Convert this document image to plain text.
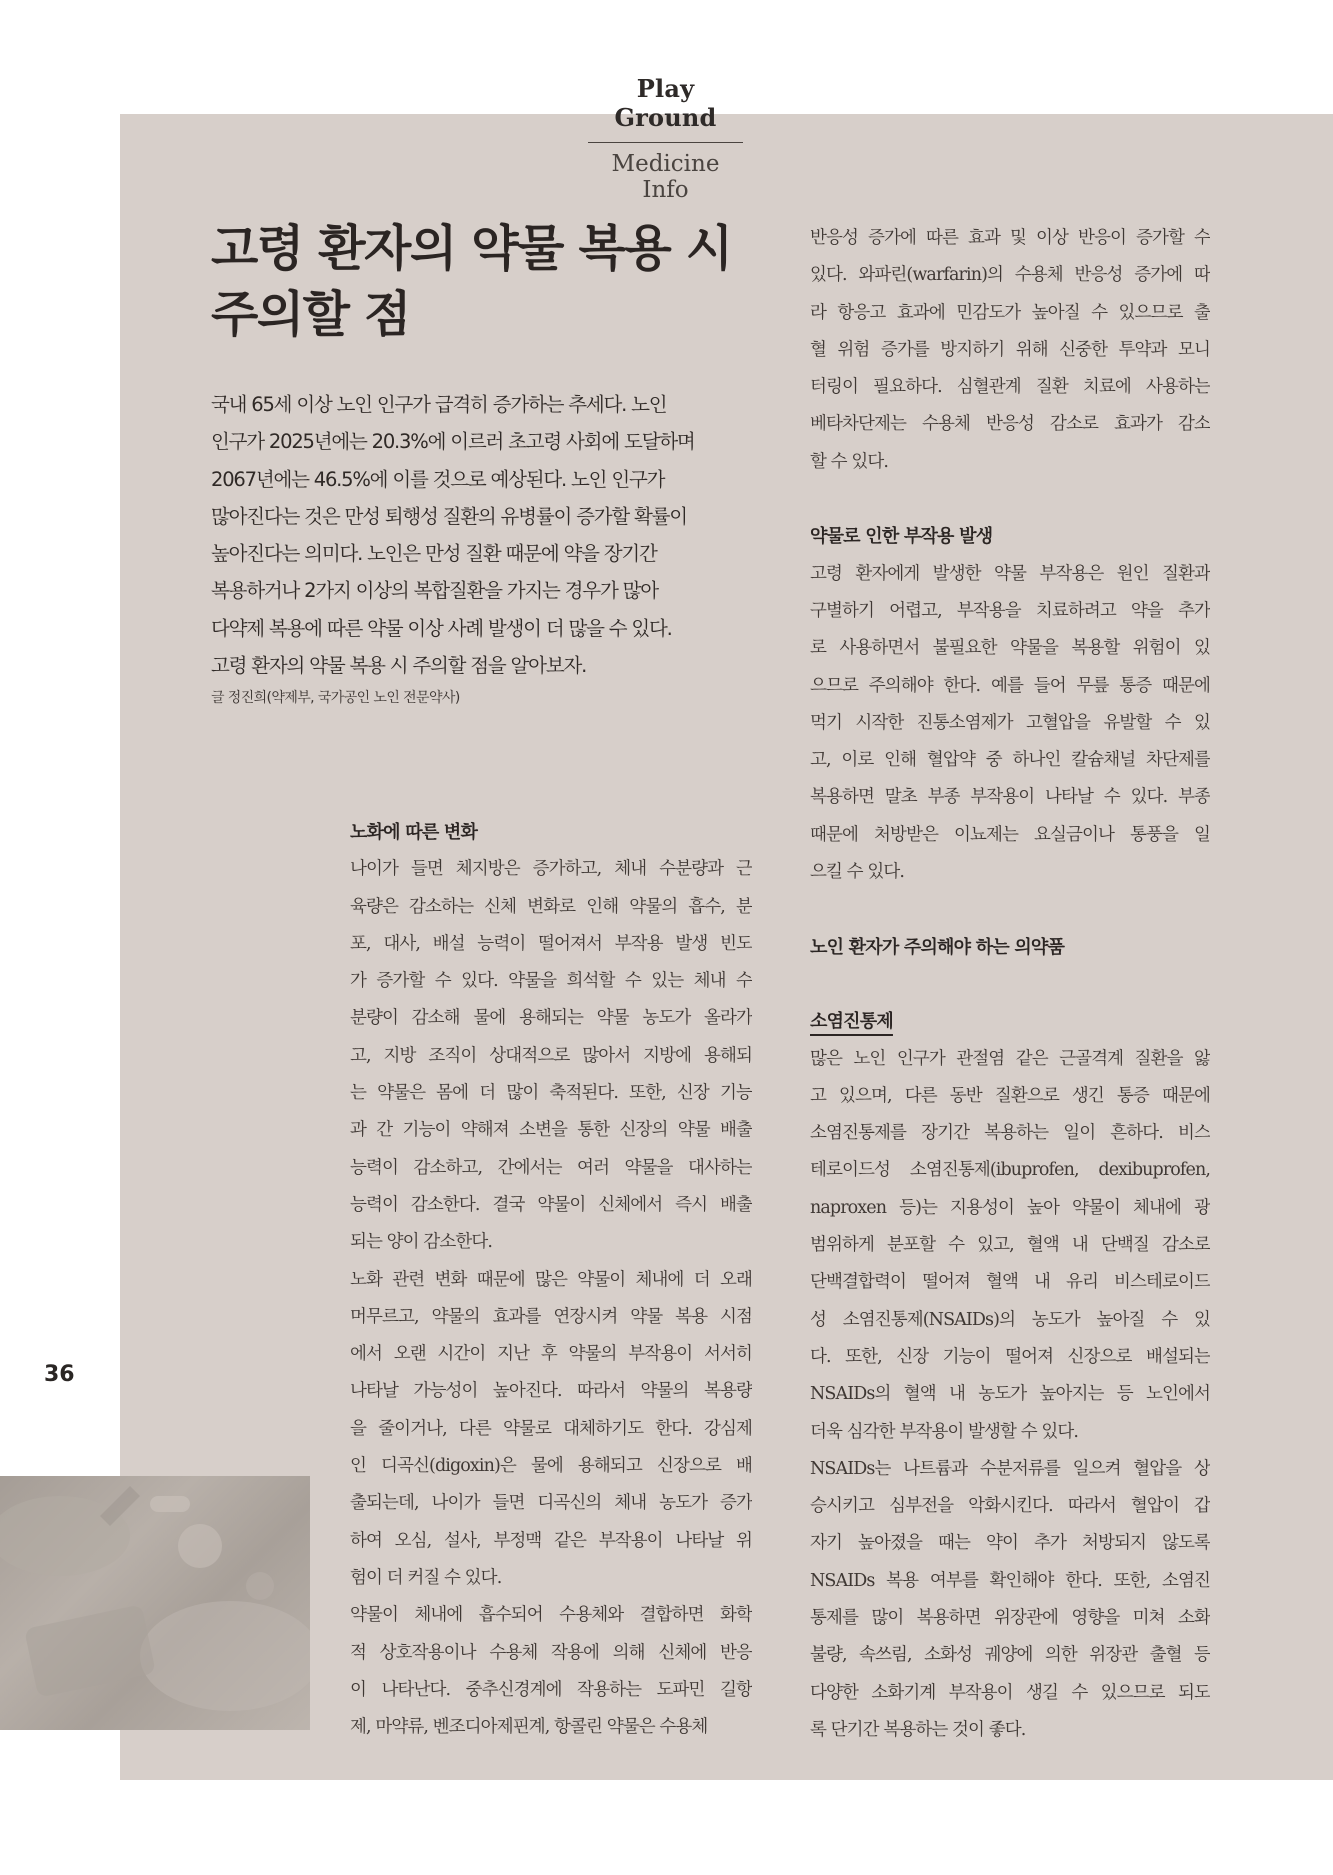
Play Ground
Medicine Info
고령 환자의 약물 복용 시
주의할 점
국내 65세 이상 노인 인구가 급격히 증가하는 추세다. 노인
인구가 2025년에는 20.3%에 이르러 초고령 사회에 도달하며
2067년에는 46.5%에 이를 것으로 예상된다. 노인 인구가
많아진다는 것은 만성 퇴행성 질환의 유병률이 증가할 확률이
높아진다는 의미다. 노인은 만성 질환 때문에 약을 장기간
복용하거나 2가지 이상의 복합질환을 가지는 경우가 많아
다약제 복용에 따른 약물 이상 사례 발생이 더 많을 수 있다.
고령 환자의 약물 복용 시 주의할 점을 알아보자.
글 정진희(약제부, 국가공인 노인 전문약사)
노화에 따른 변화
나이가 들면 체지방은 증가하고, 체내 수분량과 근
육량은 감소하는 신체 변화로 인해 약물의 흡수, 분
포, 대사, 배설 능력이 떨어져서 부작용 발생 빈도
가 증가할 수 있다. 약물을 희석할 수 있는 체내 수
분량이 감소해 물에 용해되는 약물 농도가 올라가
고, 지방 조직이 상대적으로 많아서 지방에 용해되
는 약물은 몸에 더 많이 축적된다. 또한, 신장 기능
과 간 기능이 약해져 소변을 통한 신장의 약물 배출
능력이 감소하고, 간에서는 여러 약물을 대사하는
능력이 감소한다. 결국 약물이 신체에서 즉시 배출
되는 양이 감소한다.
노화 관련 변화 때문에 많은 약물이 체내에 더 오래
머무르고, 약물의 효과를 연장시켜 약물 복용 시점
에서 오랜 시간이 지난 후 약물의 부작용이 서서히
나타날 가능성이 높아진다. 따라서 약물의 복용량
을 줄이거나, 다른 약물로 대체하기도 한다. 강심제
인 디곡신(digoxin)은 물에 용해되고 신장으로 배
출되는데, 나이가 들면 디곡신의 체내 농도가 증가
하여 오심, 설사, 부정맥 같은 부작용이 나타날 위
험이 더 커질 수 있다.
약물이 체내에 흡수되어 수용체와 결합하면 화학
적 상호작용이나 수용체 작용에 의해 신체에 반응
이 나타난다. 중추신경계에 작용하는 도파민 길항
제, 마약류, 벤조디아제핀계, 항콜린 약물은 수용체
반응성 증가에 따른 효과 및 이상 반응이 증가할 수
있다. 와파린(warfarin)의 수용체 반응성 증가에 따
라 항응고 효과에 민감도가 높아질 수 있으므로 출
혈 위험 증가를 방지하기 위해 신중한 투약과 모니
터링이 필요하다. 심혈관계 질환 치료에 사용하는
베타차단제는 수용체 반응성 감소로 효과가 감소
할 수 있다.
약물로 인한 부작용 발생
고령 환자에게 발생한 약물 부작용은 원인 질환과
구별하기 어렵고, 부작용을 치료하려고 약을 추가
로 사용하면서 불필요한 약물을 복용할 위험이 있
으므로 주의해야 한다. 예를 들어 무릎 통증 때문에
먹기 시작한 진통소염제가 고혈압을 유발할 수 있
고, 이로 인해 혈압약 중 하나인 칼슘채널 차단제를
복용하면 말초 부종 부작용이 나타날 수 있다. 부종
때문에 처방받은 이뇨제는 요실금이나 통풍을 일
으킬 수 있다.
노인 환자가 주의해야 하는 의약품
소염진통제
많은 노인 인구가 관절염 같은 근골격계 질환을 앓
고 있으며, 다른 동반 질환으로 생긴 통증 때문에
소염진통제를 장기간 복용하는 일이 흔하다. 비스
테로이드성 소염진통제(ibuprofen, dexibuprofen,
naproxen 등)는 지용성이 높아 약물이 체내에 광
범위하게 분포할 수 있고, 혈액 내 단백질 감소로
단백결합력이 떨어져 혈액 내 유리 비스테로이드
성 소염진통제(NSAIDs)의 농도가 높아질 수 있
다. 또한, 신장 기능이 떨어져 신장으로 배설되는
NSAIDs의 혈액 내 농도가 높아지는 등 노인에서
더욱 심각한 부작용이 발생할 수 있다.
NSAIDs는 나트륨과 수분저류를 일으켜 혈압을 상
승시키고 심부전을 악화시킨다. 따라서 혈압이 갑
자기 높아졌을 때는 약이 추가 처방되지 않도록
NSAIDs 복용 여부를 확인해야 한다. 또한, 소염진
통제를 많이 복용하면 위장관에 영향을 미쳐 소화
불량, 속쓰림, 소화성 궤양에 의한 위장관 출혈 등
다양한 소화기계 부작용이 생길 수 있으므로 되도
록 단기간 복용하는 것이 좋다.
36
